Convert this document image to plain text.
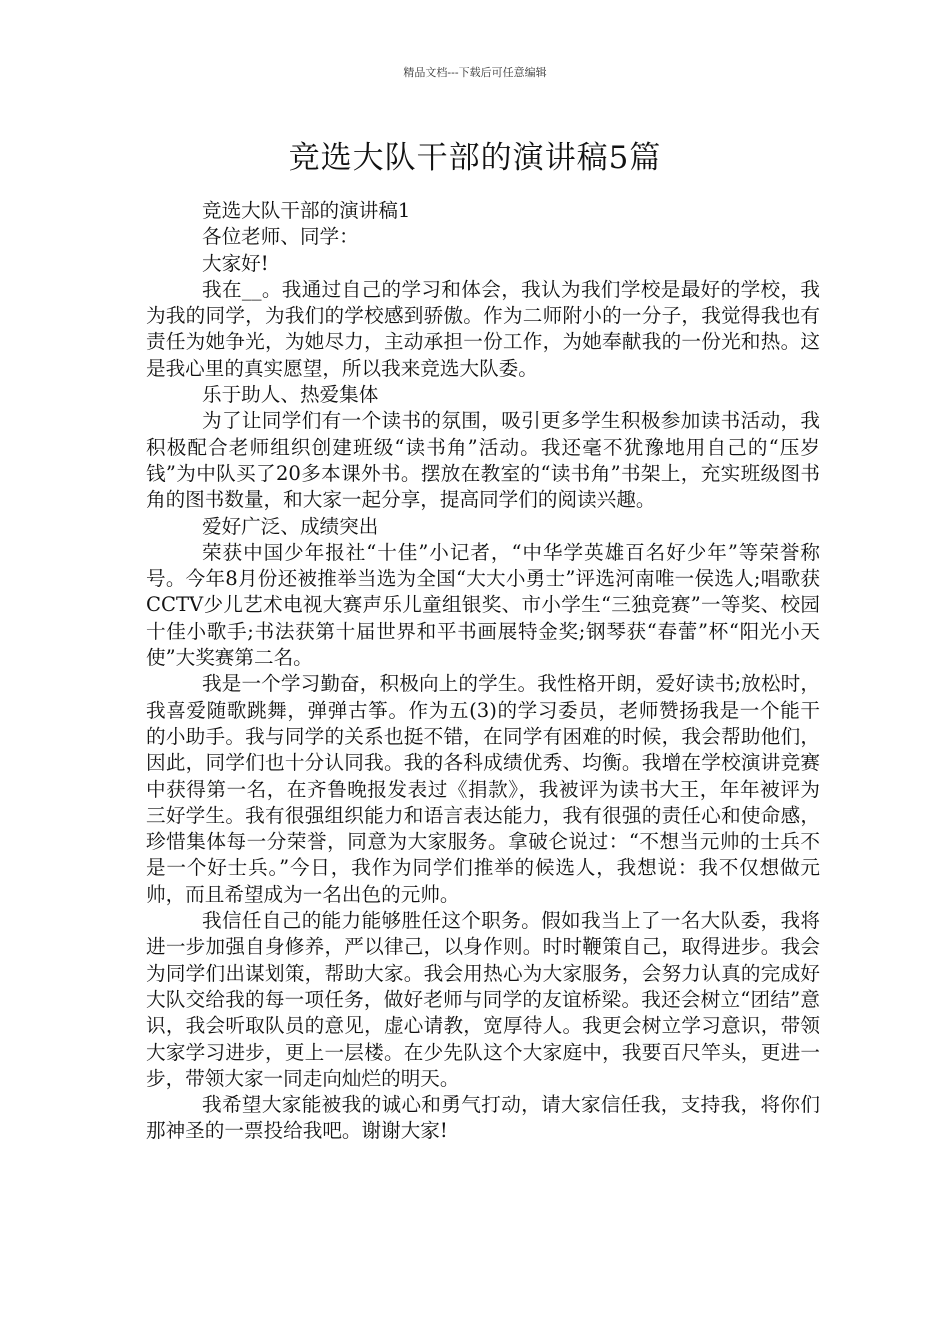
精品文档---下载后可任意编辑
竞选大队干部的演讲稿5篇

竞选大队干部的演讲稿1

各位老师、同学：

大家好!

我在__。我通过自己的学习和体会，我认为我们学校是最好的学校，我为我的同学，为我们的学校感到骄傲。作为二师附小的一分子，我觉得我也有责任为她争光，为她尽力，主动承担一份工作，为她奉献我的一份光和热。这是我心里的真实愿望，所以我来竞选大队委。

乐于助人、热爱集体

为了让同学们有一个读书的氛围，吸引更多学生积极参加读书活动，我积极配合老师组织创建班级“读书角”活动。我还毫不犹豫地用自己的“压岁钱”为中队买了20多本课外书。摆放在教室的“读书角”书架上，充实班级图书角的图书数量，和大家一起分享，提高同学们的阅读兴趣。

爱好广泛、成绩突出

荣获中国少年报社“十佳”小记者，“中华学英雄百名好少年”等荣誉称号。今年8月份还被推举当选为全国“大大小勇士”评选河南唯一侯选人;唱歌获CCTV少儿艺术电视大赛声乐儿童组银奖、市小学生“三独竞赛”一等奖、校园十佳小歌手;书法获第十届世界和平书画展特金奖;钢琴获“春蕾”杯“阳光小天使”大奖赛第二名。

我是一个学习勤奋，积极向上的学生。我性格开朗，爱好读书;放松时，我喜爱随歌跳舞，弹弹古筝。作为五(3)的学习委员，老师赞扬我是一个能干的小助手。我与同学的关系也挺不错，在同学有困难的时候，我会帮助他们，因此，同学们也十分认同我。我的各科成绩优秀、均衡。我增在学校演讲竞赛中获得第一名，在齐鲁晚报发表过《捐款》，我被评为读书大王，年年被评为三好学生。我有很强组织能力和语言表达能力，我有很强的责任心和使命感，珍惜集体每一分荣誉，同意为大家服务。拿破仑说过：“不想当元帅的士兵不是一个好士兵。”今日，我作为同学们推举的候选人，我想说：我不仅想做元帅，而且希望成为一名出色的元帅。

我信任自己的能力能够胜任这个职务。假如我当上了一名大队委，我将进一步加强自身修养，严以律己，以身作则。时时鞭策自己，取得进步。我会为同学们出谋划策，帮助大家。我会用热心为大家服务，会努力认真的完成好大队交给我的每一项任务，做好老师与同学的友谊桥梁。我还会树立“团结”意识，我会听取队员的意见，虚心请教，宽厚待人。我更会树立学习意识，带领大家学习进步，更上一层楼。在少先队这个大家庭中，我要百尺竿头，更进一步，带领大家一同走向灿烂的明天。

我希望大家能被我的诚心和勇气打动，请大家信任我，支持我，将你们那神圣的一票投给我吧。谢谢大家!
